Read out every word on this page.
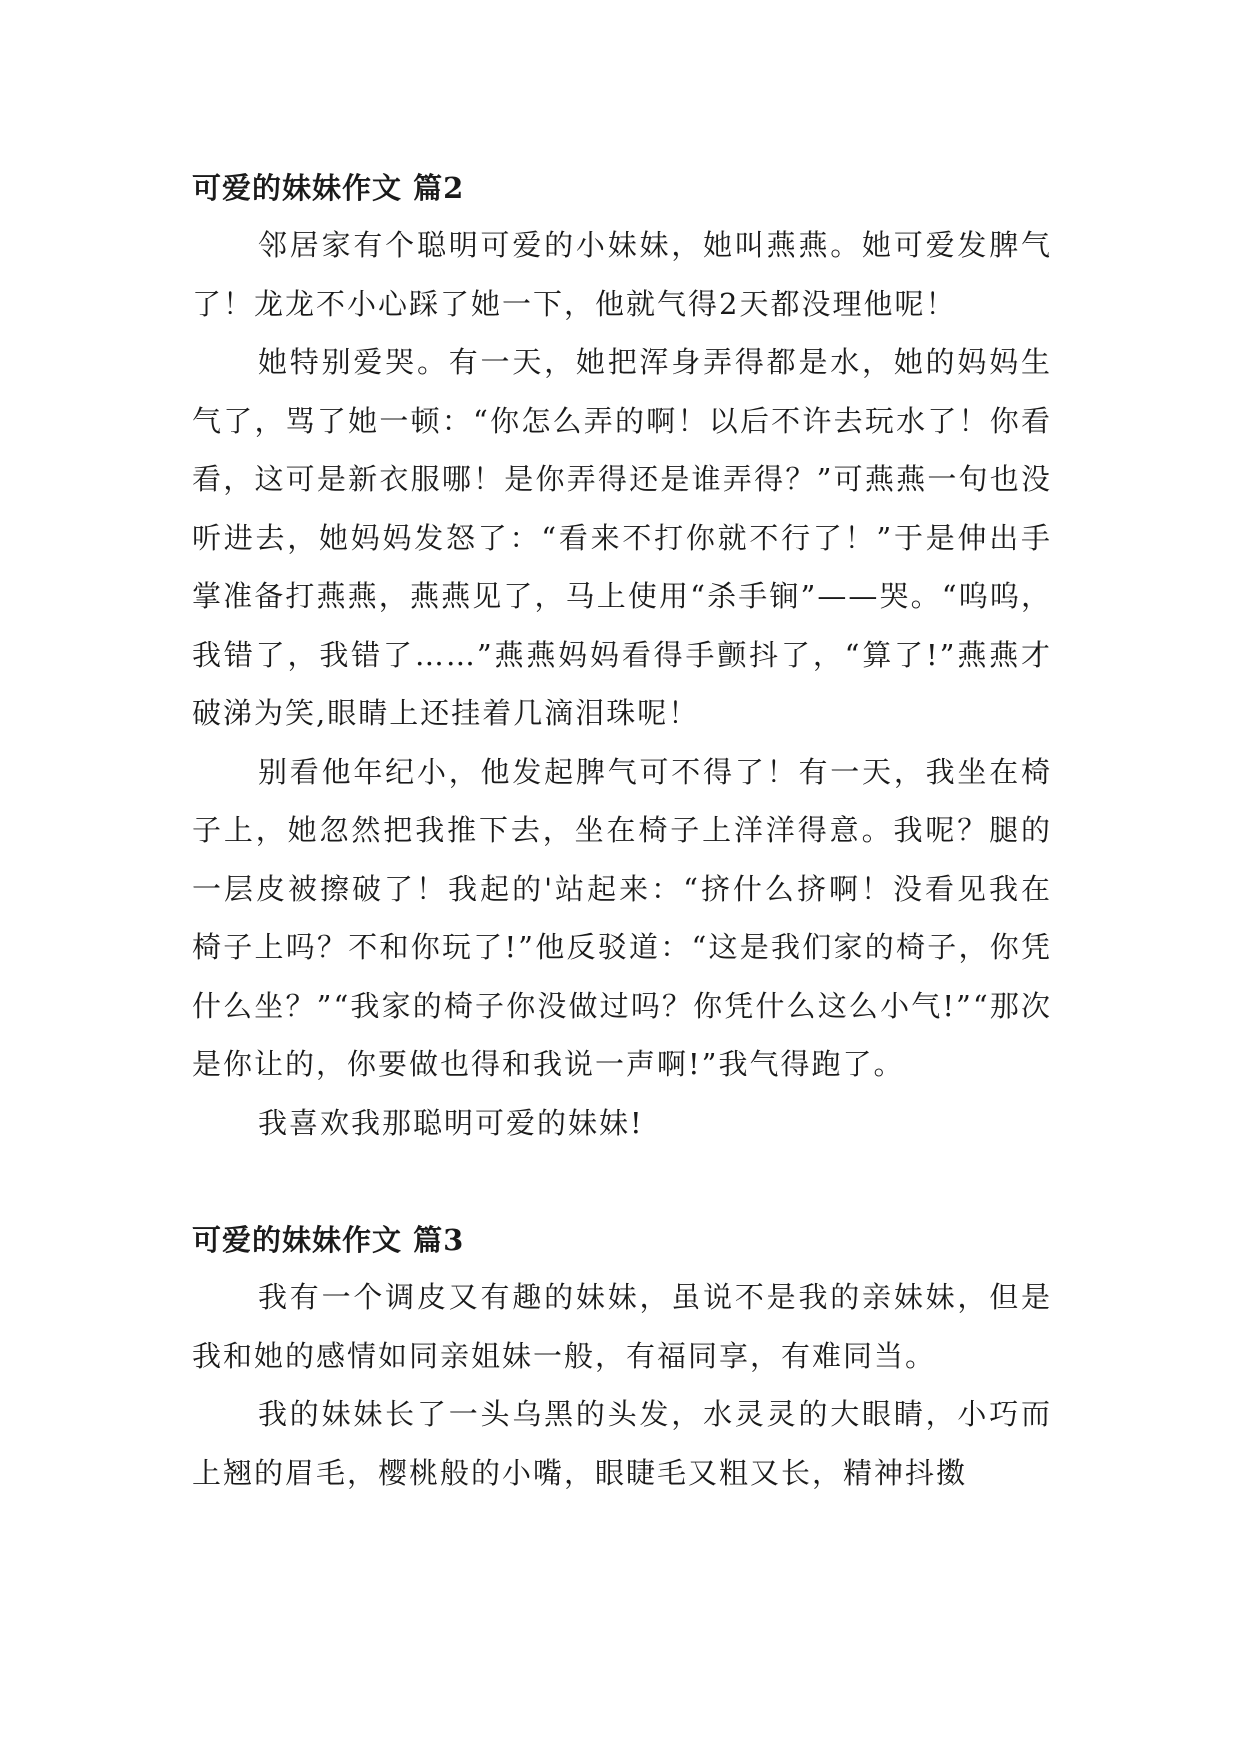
可爱的妹妹作文 篇2

邻居家有个聪明可爱的小妹妹，她叫燕燕。她可爱发脾气了！龙龙不小心踩了她一下，他就气得2天都没理他呢！

她特别爱哭。有一天，她把浑身弄得都是水，她的妈妈生气了，骂了她一顿：“你怎么弄的啊！以后不许去玩水了！你看看，这可是新衣服哪！是你弄得还是谁弄得？”可燕燕一句也没听进去，她妈妈发怒了：“看来不打你就不行了！”于是伸出手掌准备打燕燕，燕燕见了，马上使用“杀手锏”——哭。“呜呜，我错了，我错了……”燕燕妈妈看得手颤抖了，“算了!”燕燕才破涕为笑,眼睛上还挂着几滴泪珠呢！

别看他年纪小，他发起脾气可不得了！有一天，我坐在椅子上，她忽然把我推下去，坐在椅子上洋洋得意。我呢？腿的一层皮被擦破了！我起的'站起来：“挤什么挤啊！没看见我在椅子上吗？不和你玩了!”他反驳道：“这是我们家的椅子，你凭什么坐？”“我家的椅子你没做过吗？你凭什么这么小气!”“那次是你让的，你要做也得和我说一声啊!”我气得跑了。

我喜欢我那聪明可爱的妹妹!

可爱的妹妹作文 篇3

我有一个调皮又有趣的妹妹，虽说不是我的亲妹妹，但是我和她的感情如同亲姐妹一般，有福同享，有难同当。

我的妹妹长了一头乌黑的头发，水灵灵的大眼睛，小巧而上翘的眉毛，樱桃般的小嘴，眼睫毛又粗又长，精神抖擞
